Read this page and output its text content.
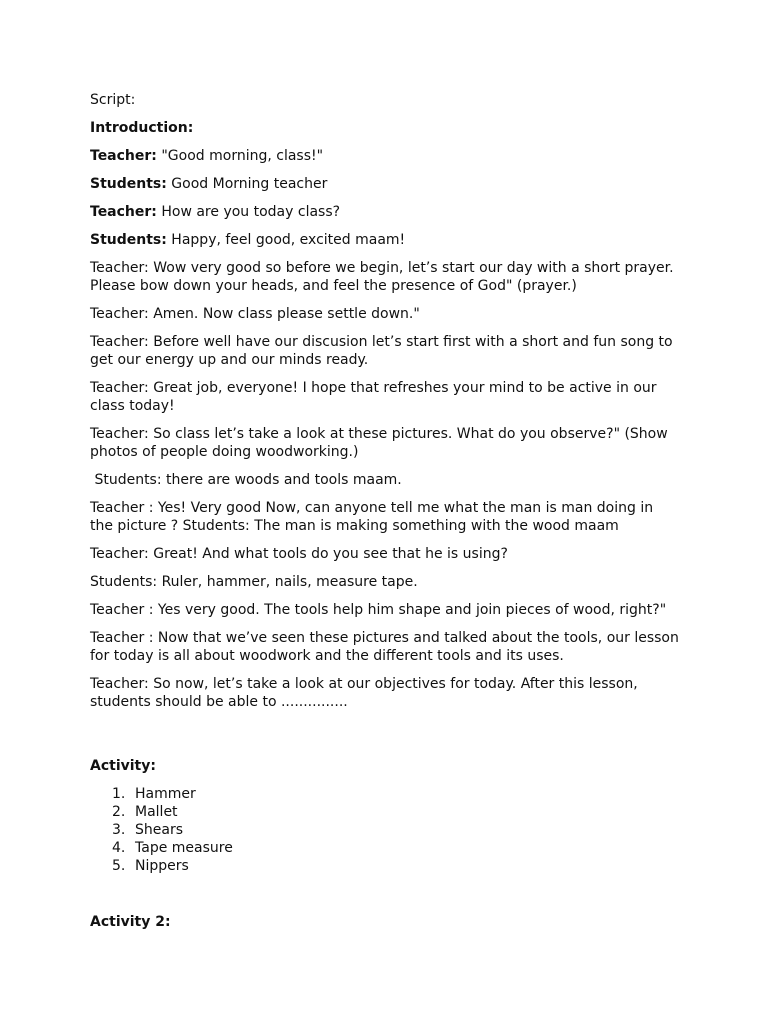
Script:

Introduction:

Teacher: "Good morning, class!"

Students: Good Morning teacher

Teacher: How are you today class?

Students: Happy, feel good, excited maam!

Teacher: Wow very good so before we begin, let’s start our day with a short prayer. Please bow down your heads, and feel the presence of God" (prayer.)

Teacher: Amen. Now class please settle down."

Teacher: Before well have our discusion let’s start first with a short and fun song to get our energy up and our minds ready.

Teacher: Great job, everyone! I hope that refreshes your mind to be active in our class today!

Teacher: So class let’s take a look at these pictures. What do you observe?" (Show photos of people doing woodworking.)

Students: there are woods and tools maam.

Teacher : Yes! Very good Now, can anyone tell me what the man is man doing in the picture ? Students: The man is making something with the wood maam

Teacher: Great! And what tools do you see that he is using?

Students: Ruler, hammer, nails, measure tape.

Teacher : Yes very good. The tools help him shape and join pieces of wood, right?"

Teacher : Now that we’ve seen these pictures and talked about the tools, our lesson for today is all about woodwork and the different tools and its uses.

Teacher: So now, let’s take a look at our objectives for today. After this lesson, students should be able to ...............

Activity:

1. Hammer
2. Mallet
3. Shears
4. Tape measure
5. Nippers

Activity 2:
